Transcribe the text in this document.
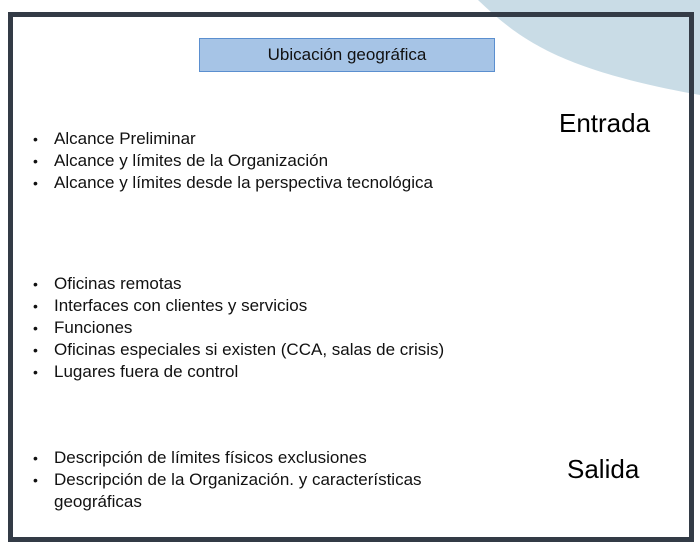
Ubicación geográfica
Entrada
Salida
• Alcance Preliminar
• Alcance y límites de la Organización
• Alcance y límites desde la perspectiva tecnológica
• Oficinas remotas
• Interfaces con clientes y servicios
• Funciones
• Oficinas especiales si existen (CCA, salas de crisis)
• Lugares fuera de control
• Descripción de límites físicos exclusiones
• Descripción de la Organización. y características geográficas
